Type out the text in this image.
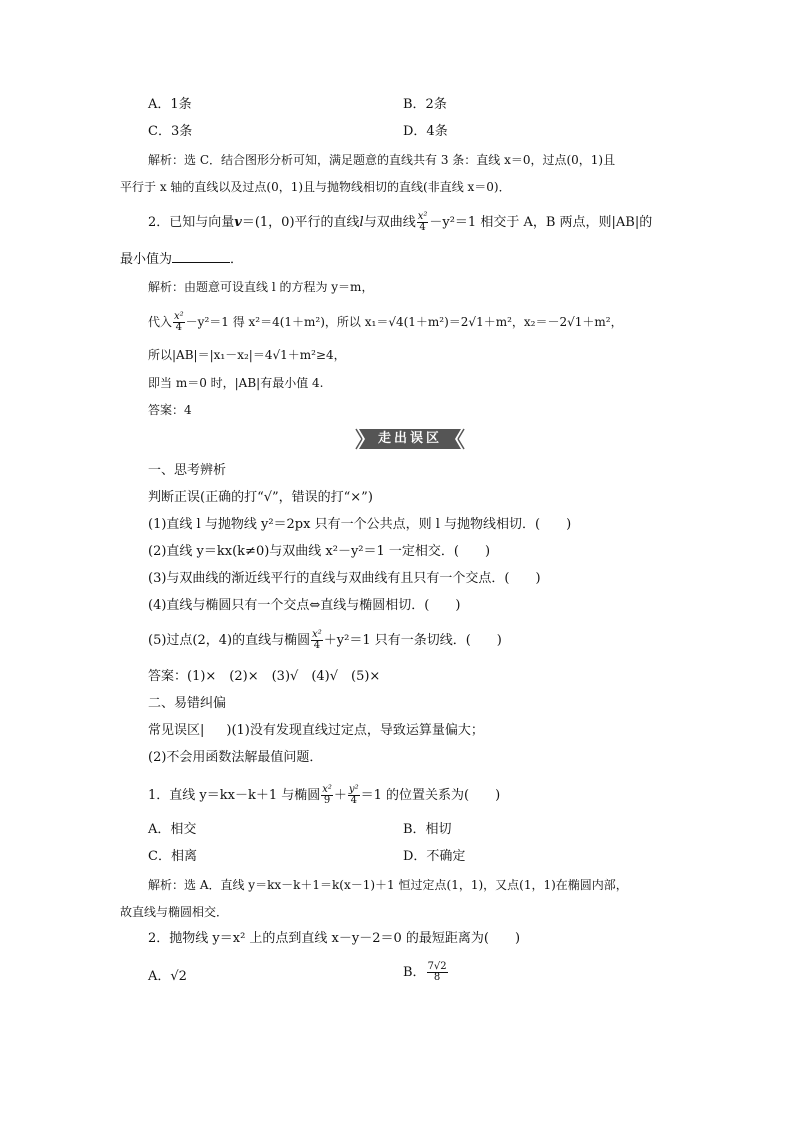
A．1条	B．2条
C．3条	D．4条
解析：选 C．结合图形分析可知，满足题意的直线共有 3 条：直线 x＝0，过点(0，1)且
平行于 x 轴的直线以及过点(0，1)且与抛物线相切的直线(非直线 x＝0)．
2．已知与向量v＝(1，0)平行的直线l与双曲线 $\frac{\text{x²}}{4} -y^2=1$ 相交于 A，B 两点，则|AB|的
最小值为	．
解析：由题意可设直线 l 的方程为 y＝m，
代入 $\frac{\text{x²}}{4} -y^2=1$ 得 x²＝4(1＋m²)，所以 x₁＝√4(1＋m²)＝2√1＋m²，x₂＝－2√1＋m²，
所以|AB|＝|x₁－x₂|＝4√1＋m²≥4，
即当 m＝0 时，|AB|有最小值 4.
答案：4
走出误区
一、思考辨析
判断正误(正确的打“√”，错误的打“×”)
(1)直线 l 与抛物线 y²＝2px 只有一个公共点，则 l 与抛物线相切．(　　)
(2)直线 y＝kx(k≠0)与双曲线 x²－y²＝1 一定相交．(　　)
(3)与双曲线的渐近线平行的直线与双曲线有且只有一个交点．(　　)
(4)直线与椭圆只有一个交点⇔直线与椭圆相切．(　　)
(5)过点(2，4)的直线与椭圆 $\frac{\text{x²}}{4} +y^2=1$ 只有一条切线．(　　)
答案：(1)×　(2)×　(3)√　(4)√　(5)×
二、易错纠偏
常见误区| )(1)没有发现直线过定点，导致运算量偏大；
(2)不会用函数法解最值问题．
1．直线 y＝kx－k＋1 与椭圆 $\frac{\text{x²}}{9} + \frac{\text{y²}}{4} =1$ 的位置关系为(　　)
A．相交	B．相切
C．相离	D．不确定
解析：选 A．直线 y＝kx－k＋1＝k(x－1)＋1 恒过定点(1，1)，又点(1，1)在椭圆内部，
故直线与椭圆相交．
2．抛物线 y＝x² 上的点到直线 x－y－2＝0 的最短距离为(　　)
A．√2	B． $\frac{7√2}{8}$
